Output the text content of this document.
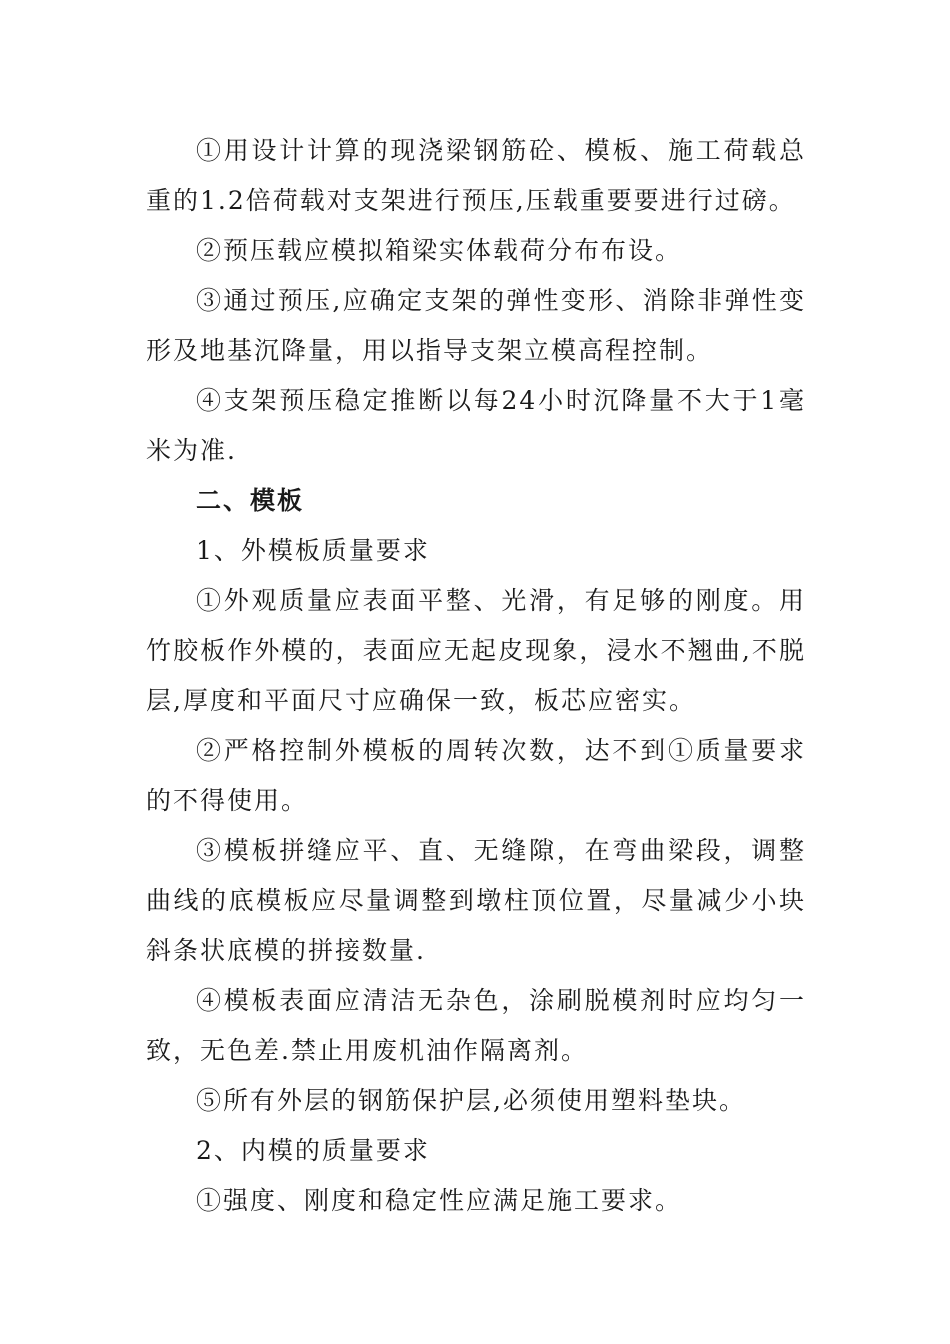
①用设计计算的现浇梁钢筋砼、模板、施工荷载总重的1.2倍荷载对支架进行预压,压载重要要进行过磅。

②预压载应模拟箱梁实体载荷分布布设。

③通过预压,应确定支架的弹性变形、消除非弹性变形及地基沉降量，用以指导支架立模高程控制。

④支架预压稳定推断以每24小时沉降量不大于1毫米为准.

二、模板

1、外模板质量要求

①外观质量应表面平整、光滑，有足够的刚度。用竹胶板作外模的，表面应无起皮现象，浸水不翘曲,不脱层,厚度和平面尺寸应确保一致，板芯应密实。

②严格控制外模板的周转次数，达不到①质量要求的不得使用。

③模板拼缝应平、直、无缝隙，在弯曲梁段，调整曲线的底模板应尽量调整到墩柱顶位置，尽量减少小块斜条状底模的拼接数量.

④模板表面应清洁无杂色，涂刷脱模剂时应均匀一致，无色差.禁止用废机油作隔离剂。

⑤所有外层的钢筋保护层,必须使用塑料垫块。

2、内模的质量要求

①强度、刚度和稳定性应满足施工要求。
